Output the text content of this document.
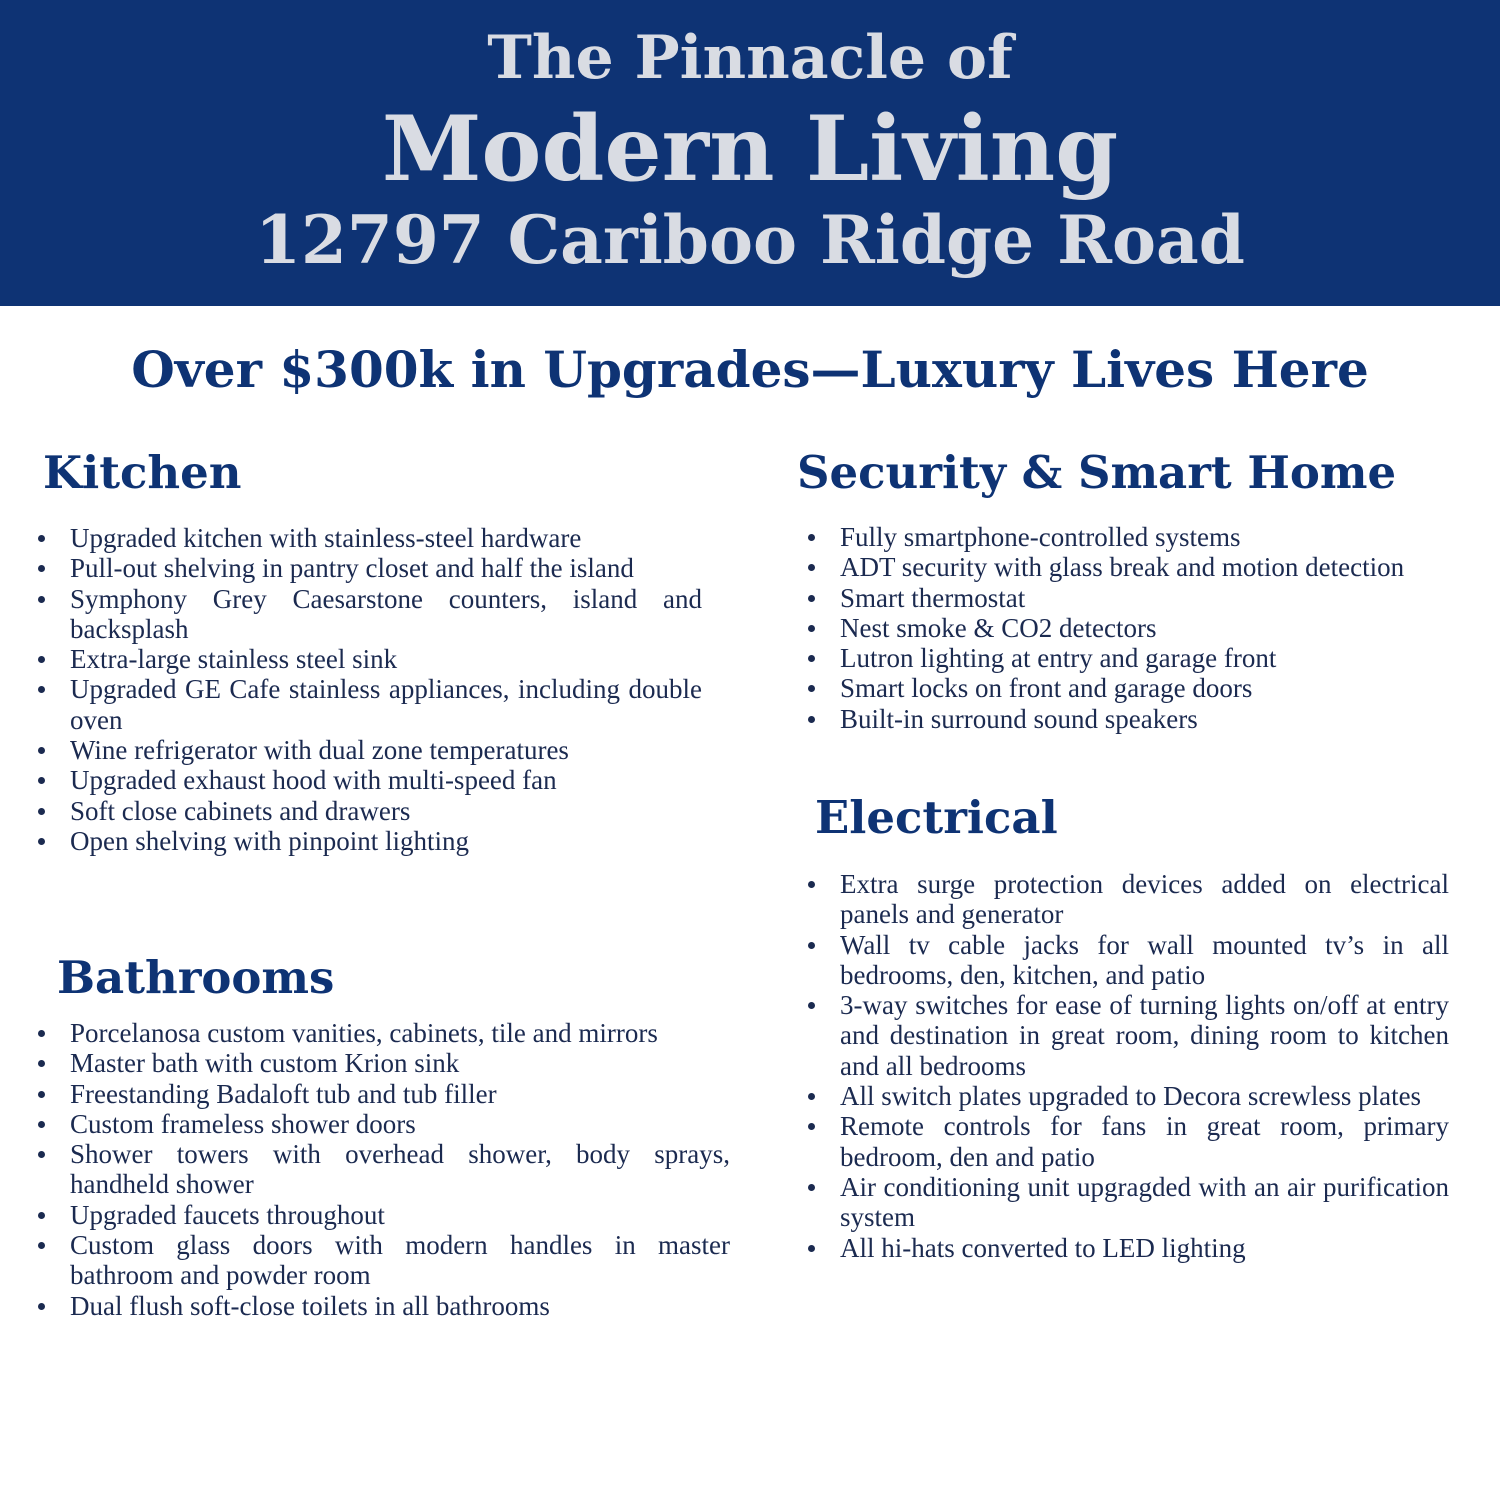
The Pinnacle of
Modern Living
12797 Cariboo Ridge Road
Over $300k in Upgrades—Luxury Lives Here
Kitchen
Upgraded kitchen with stainless-steel hardware
Pull-out shelving in pantry closet and half the island
Symphony Grey Caesarstone counters, island and backsplash
Extra-large stainless steel sink
Upgraded GE Cafe stainless appliances, including double oven
Wine refrigerator with dual zone temperatures
Upgraded exhaust hood with multi-speed fan
Soft close cabinets and drawers
Open shelving with pinpoint lighting
Bathrooms
Porcelanosa custom vanities, cabinets, tile and mirrors
Master bath with custom Krion sink
Freestanding Badaloft tub and tub filler
Custom frameless shower doors
Shower towers with overhead shower, body sprays, handheld shower
Upgraded faucets throughout
Custom glass doors with modern handles in master bathroom and powder room
Dual flush soft-close toilets in all bathrooms
Security & Smart Home
Fully smartphone-controlled systems
ADT security with glass break and motion detection
Smart thermostat
Nest smoke & CO2 detectors
Lutron lighting at entry and garage front
Smart locks on front and garage doors
Built-in surround sound speakers
Electrical
Extra surge protection devices added on electrical panels and generator
Wall tv cable jacks for wall mounted tv’s in all bedrooms, den, kitchen, and patio
3-way switches for ease of turning lights on/off at entry and destination in great room, dining room to kitchen and all bedrooms
All switch plates upgraded to Decora screwless plates
Remote controls for fans in great room, primary bedroom, den and patio
Air conditioning unit upgragded with an air purification system
All hi-hats converted to LED lighting
